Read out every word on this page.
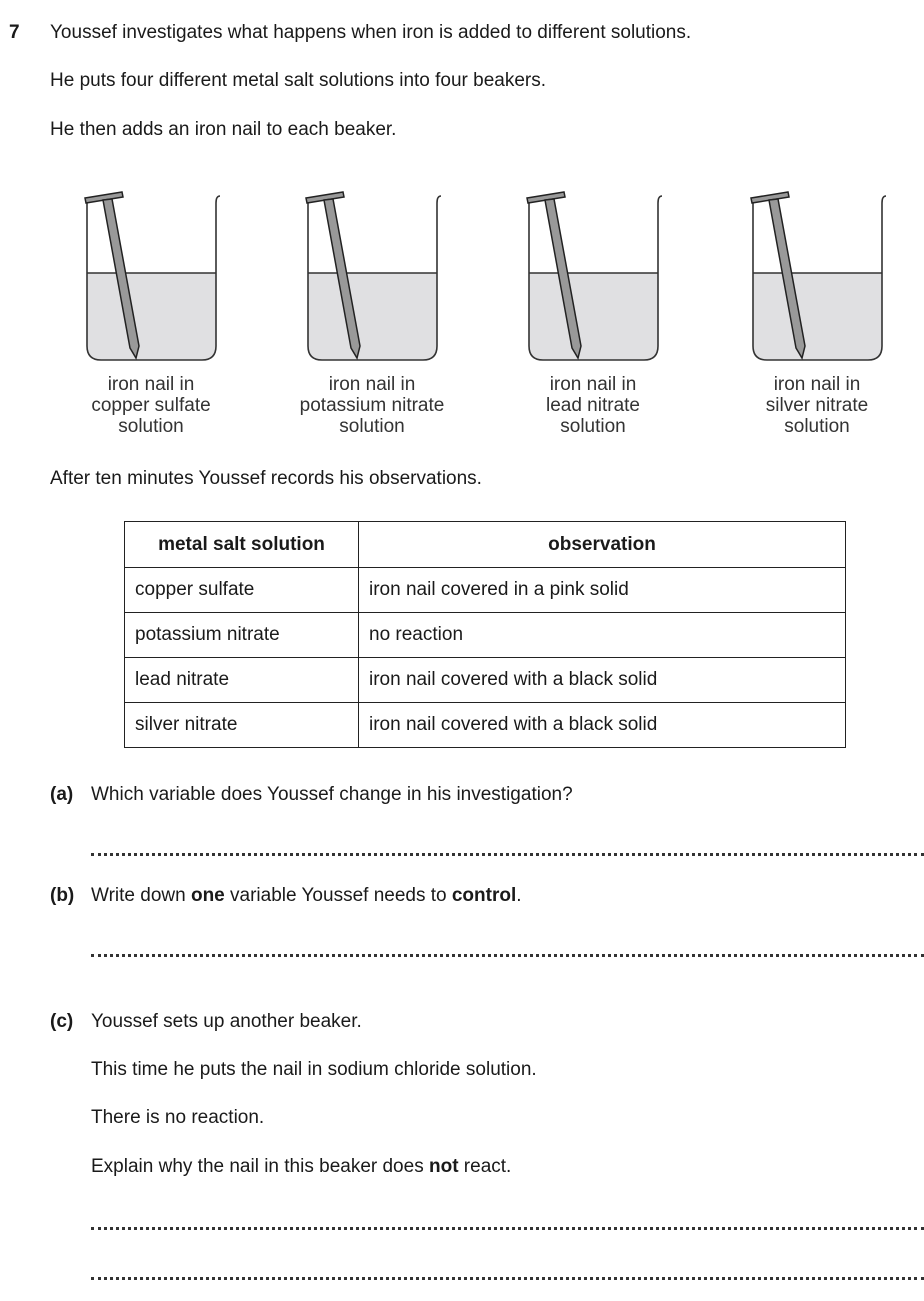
7 Youssef investigates what happens when iron is added to different solutions.
He puts four different metal salt solutions into four beakers.
He then adds an iron nail to each beaker.
iron nail in
copper sulfate
solution
iron nail in
potassium nitrate
solution
iron nail in
lead nitrate
solution
iron nail in
silver nitrate
solution
After ten minutes Youssef records his observations.
metal salt solution	observation
copper sulfate	iron nail covered in a pink solid
potassium nitrate	no reaction
lead nitrate	iron nail covered with a black solid
silver nitrate	iron nail covered with a black solid
(a) Which variable does Youssef change in his investigation?
(b) Write down one variable Youssef needs to control.
(c) Youssef sets up another beaker.
This time he puts the nail in sodium chloride solution.
There is no reaction.
Explain why the nail in this beaker does not react.
